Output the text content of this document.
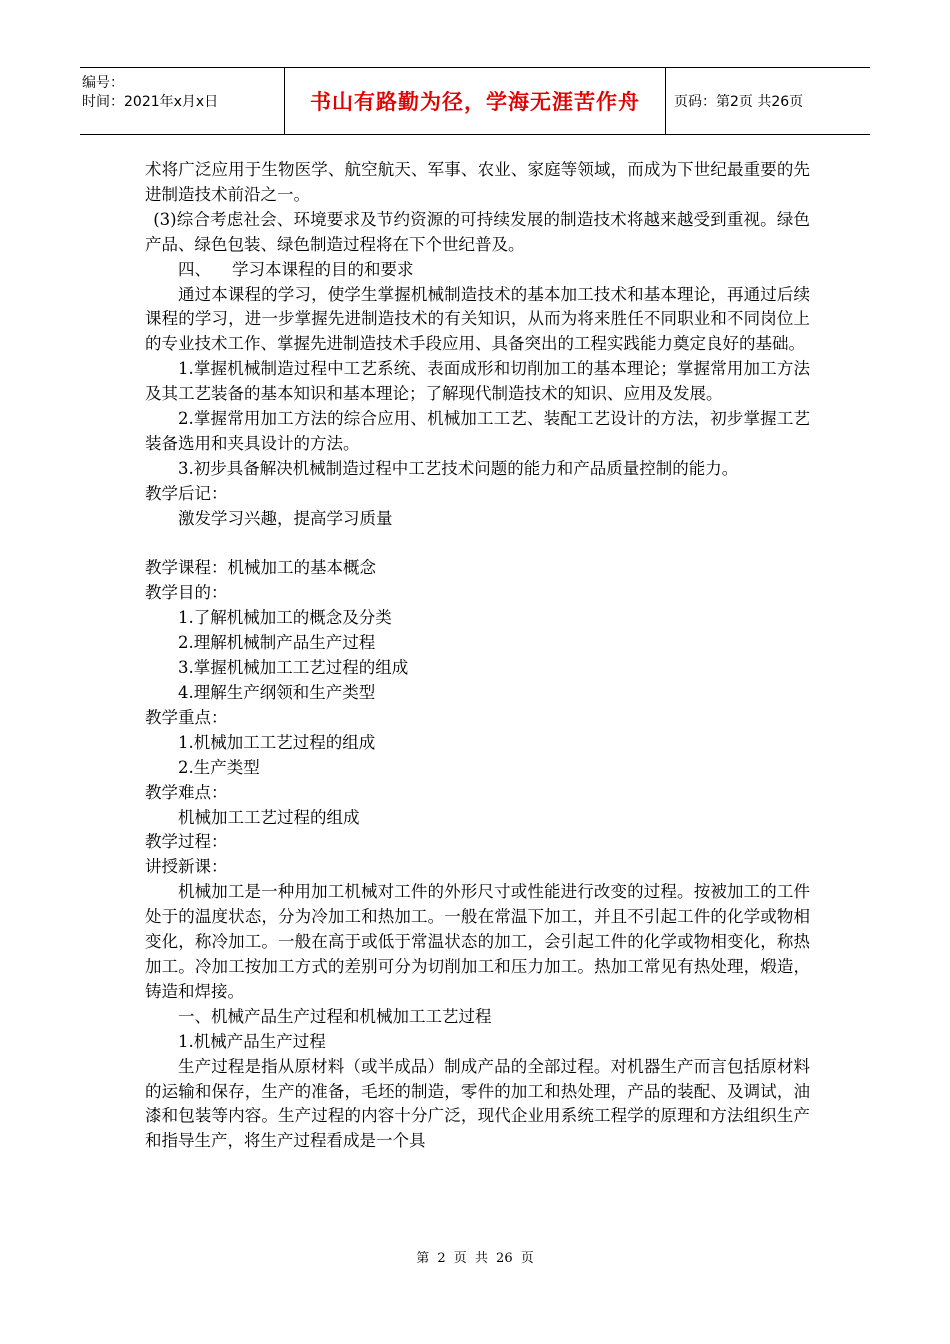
编号：
时间：2021年x月x日	书山有路勤为径，学海无涯苦作舟	页码：第2页 共26页

术将广泛应用于生物医学、航空航天、军事、农业、家庭等领域，而成为下世纪最重要的先进制造技术前沿之一。

(3)综合考虑社会、环境要求及节约资源的可持续发展的制造技术将越来越受到重视。绿色产品、绿色包装、绿色制造过程将在下个世纪普及。

四、    学习本课程的目的和要求

通过本课程的学习，使学生掌握机械制造技术的基本加工技术和基本理论，再通过后续课程的学习，进一步掌握先进制造技术的有关知识，从而为将来胜任不同职业和不同岗位上的专业技术工作、掌握先进制造技术手段应用、具备突出的工程实践能力奠定良好的基础。

1.掌握机械制造过程中工艺系统、表面成形和切削加工的基本理论；掌握常用加工方法及其工艺装备的基本知识和基本理论；了解现代制造技术的知识、应用及发展。

2.掌握常用加工方法的综合应用、机械加工工艺、装配工艺设计的方法，初步掌握工艺装备选用和夹具设计的方法。

3.初步具备解决机械制造过程中工艺技术问题的能力和产品质量控制的能力。

教学后记：

激发学习兴趣，提高学习质量

教学课程：机械加工的基本概念

教学目的：

1.了解机械加工的概念及分类

2.理解机械制产品生产过程

3.掌握机械加工工艺过程的组成

4.理解生产纲领和生产类型

教学重点：

1.机械加工工艺过程的组成

2.生产类型

教学难点：

机械加工工艺过程的组成

教学过程：

讲授新课：

机械加工是一种用加工机械对工件的外形尺寸或性能进行改变的过程。按被加工的工件处于的温度状态，分为冷加工和热加工。一般在常温下加工，并且不引起工件的化学或物相变化，称冷加工。一般在高于或低于常温状态的加工，会引起工件的化学或物相变化，称热加工。冷加工按加工方式的差别可分为切削加工和压力加工。热加工常见有热处理，煅造，铸造和焊接。

一、机械产品生产过程和机械加工工艺过程

1.机械产品生产过程

生产过程是指从原材料（或半成品）制成产品的全部过程。对机器生产而言包括原材料的运输和保存，生产的准备，毛坯的制造，零件的加工和热处理，产品的装配、及调试，油漆和包装等内容。生产过程的内容十分广泛，现代企业用系统工程学的原理和方法组织生产和指导生产，将生产过程看成是一个具

第 2 页 共 26 页
